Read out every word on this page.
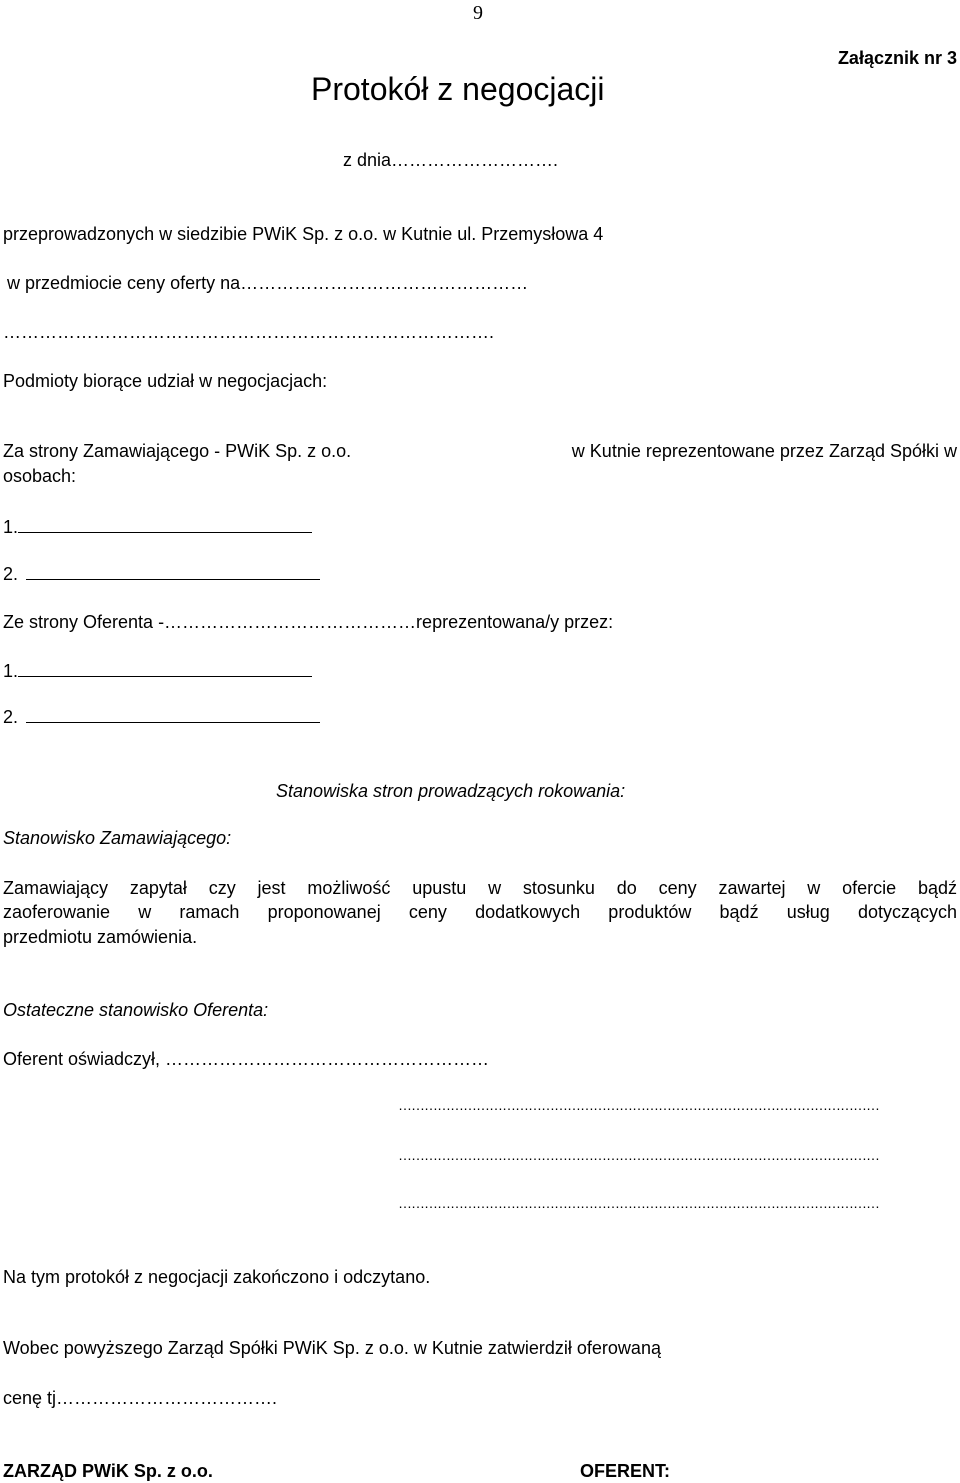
9
Załącznik nr 3
Protokół z negocjacji
z dnia……………………….
przeprowadzonych w siedzibie PWiK Sp. z o.o. w Kutnie ul. Przemysłowa 4
w przedmiocie ceny oferty na…………………………………………
……………………………………………………………………….
Podmioty biorące udział w negocjacjach:
Za strony Zamawiającego - PWiK Sp. z o.o.	w Kutnie reprezentowane przez Zarząd Spółki w
osobach:
1.
2.
Ze strony Oferenta -……………………………………reprezentowana/y przez:
1.
2.
Stanowiska stron prowadzących rokowania:
Stanowisko Zamawiającego:
Zamawiający zapytał czy jest możliwość upustu w stosunku do ceny zawartej w ofercie bądź
zaoferowanie w ramach proponowanej ceny dodatkowych produktów bądź usług dotyczących
przedmiotu zamówienia.
Ostateczne stanowisko Oferenta:
Oferent oświadczył, ………………………………………………
…………………………………………………………………………………………………
…………………………………………………………………………………………………
…………………………………………………………………………………………………
Na tym protokół z negocjacji zakończono i odczytano.
Wobec powyższego Zarząd Spółki PWiK Sp. z o.o. w Kutnie zatwierdził oferowaną
cenę tj……………………………….
ZARZĄD PWiK Sp. z o.o.	OFERENT:
